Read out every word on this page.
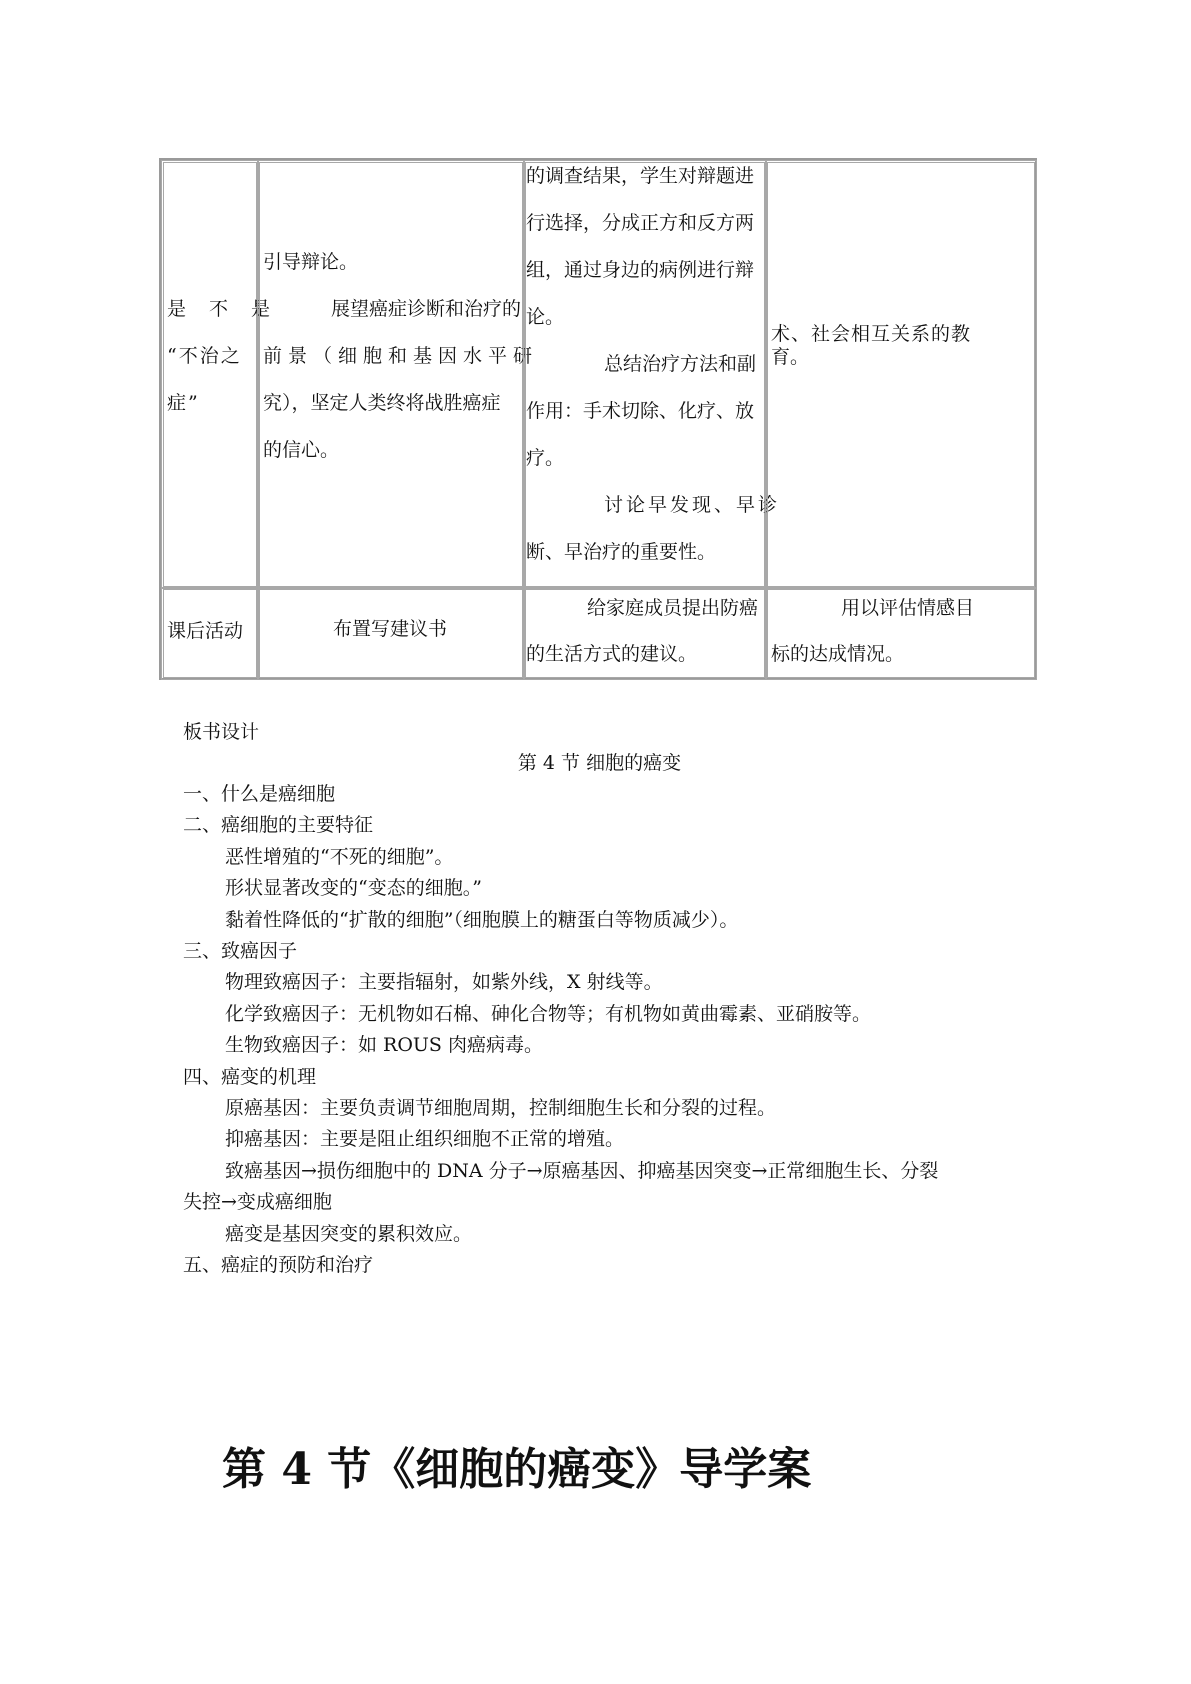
是　不　是
“不治之
症”
引导辩论。
展望癌症诊断和治疗的
前景（细胞和基因水平研
究），坚定人类终将战胜癌症
的信心。
的调查结果，学生对辩题进
行选择，分成正方和反方两
组，通过身边的病例进行辩
论。
总结治疗方法和副
作用：手术切除、化疗、放
疗。
讨论早发现、早诊
断、早治疗的重要性。
术、社会相互关系的教
育。
课后活动	布置写建议书
给家庭成员提出防癌
的生活方式的建议。
用以评估情感目
标的达成情况。
板书设计
第 4 节 细胞的癌变
一、什么是癌细胞
二、癌细胞的主要特征
恶性增殖的“不死的细胞”。
形状显著改变的“变态的细胞。”
黏着性降低的“扩散的细胞”（细胞膜上的糖蛋白等物质减少）。
三、致癌因子
物理致癌因子：主要指辐射，如紫外线，X 射线等。
化学致癌因子：无机物如石棉、砷化合物等；有机物如黄曲霉素、亚硝胺等。
生物致癌因子：如 ROUS 肉癌病毒。
四、癌变的机理
原癌基因：主要负责调节细胞周期，控制细胞生长和分裂的过程。
抑癌基因：主要是阻止组织细胞不正常的增殖。
致癌基因→损伤细胞中的 DNA 分子→原癌基因、抑癌基因突变→正常细胞生长、分裂
失控→变成癌细胞
癌变是基因突变的累积效应。
五、癌症的预防和治疗
第 4 节《细胞的癌变》导学案
